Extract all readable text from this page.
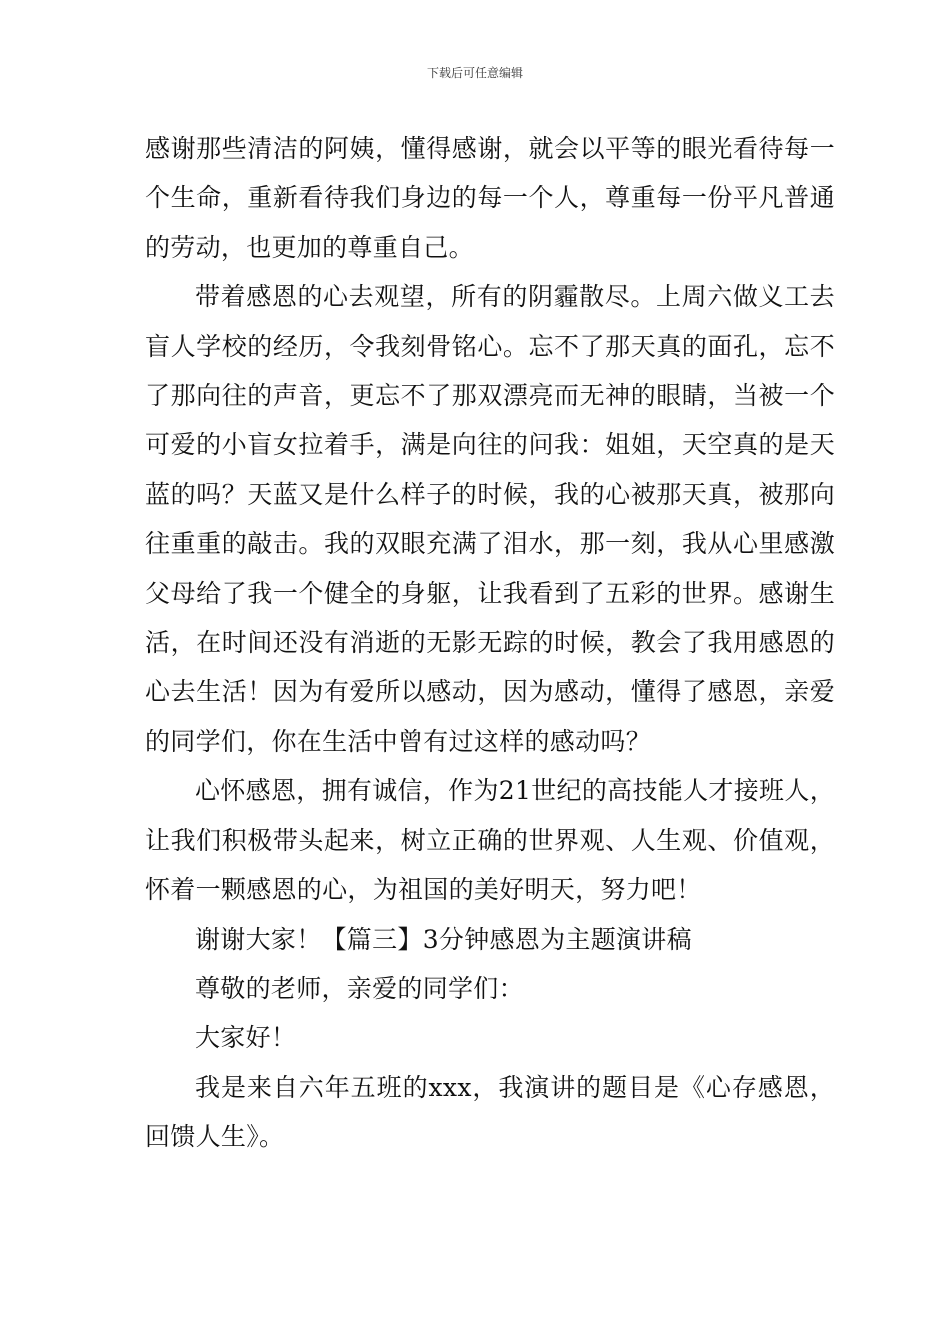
下载后可任意编辑

感谢那些清洁的阿姨，懂得感谢，就会以平等的眼光看待每一个生命，重新看待我们身边的每一个人，尊重每一份平凡普通的劳动，也更加的尊重自己。

带着感恩的心去观望，所有的阴霾散尽。上周六做义工去盲人学校的经历，令我刻骨铭心。忘不了那天真的面孔，忘不了那向往的声音，更忘不了那双漂亮而无神的眼睛，当被一个可爱的小盲女拉着手，满是向往的问我：姐姐，天空真的是天蓝的吗？天蓝又是什么样子的时候，我的心被那天真，被那向往重重的敲击。我的双眼充满了泪水，那一刻，我从心里感激父母给了我一个健全的身躯，让我看到了五彩的世界。感谢生活，在时间还没有消逝的无影无踪的时候，教会了我用感恩的心去生活！因为有爱所以感动，因为感动，懂得了感恩，亲爱的同学们，你在生活中曾有过这样的感动吗？

心怀感恩，拥有诚信，作为21世纪的高技能人才接班人，让我们积极带头起来，树立正确的世界观、人生观、价值观，怀着一颗感恩的心，为祖国的美好明天，努力吧！

谢谢大家！【篇三】3分钟感恩为主题演讲稿

尊敬的老师，亲爱的同学们：

大家好！

我是来自六年五班的xxx，我演讲的题目是《心存感恩，回馈人生》。
